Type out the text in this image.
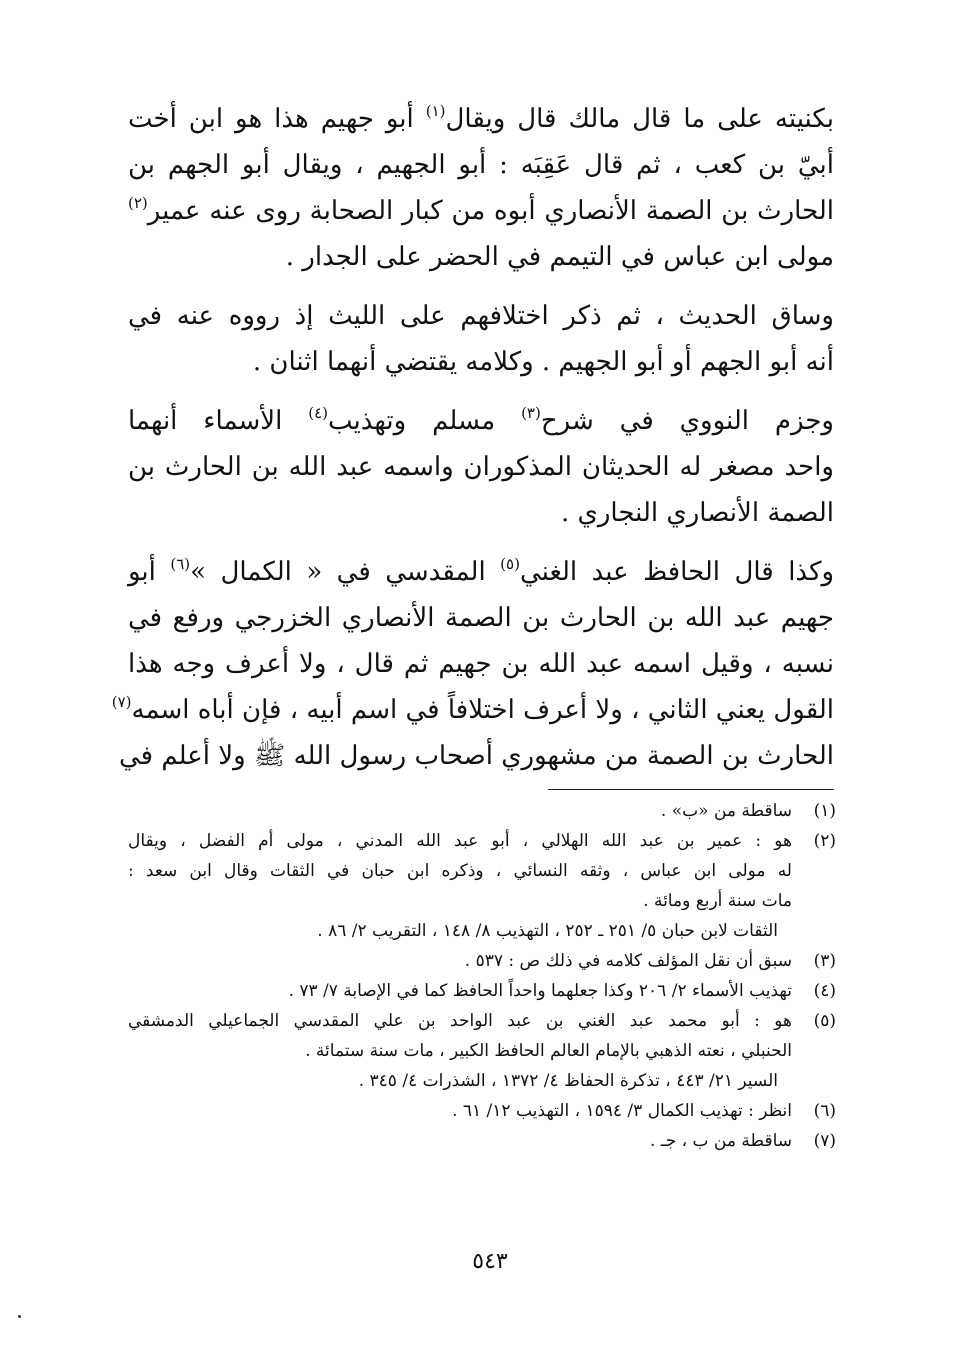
بكنيته على ما قال مالك قال ويقال$^{(١)}$ أبو جهيم هذا هو ابن أخت
أبيّ بن كعب ، ثم قال عَقِبَه : أبو الجهيم ، ويقال أبو الجهم بن
الحارث بن الصمة الأنصاري أبوه من كبار الصحابة روى عنه عمير$^{(٢)}$
مولى ابن عباس في التيمم في الحضر على الجدار .
وساق الحديث ، ثم ذكر اختلافهم على الليث إذ رووه عنه في
أنه أبو الجهم أو أبو الجهيم . وكلامه يقتضي أنهما اثنان .
وجزم النووي في شرح$^{(٣)}$ مسلم وتهذيب$^{(٤)}$ الأسماء أنهما
واحد مصغر له الحديثان المذكوران واسمه عبد الله بن الحارث بن
الصمة الأنصاري النجاري .
وكذا قال الحافظ عبد الغني$^{(٥)}$ المقدسي في « الكمال »$^{(٦)}$ أبو
جهيم عبد الله بن الحارث بن الصمة الأنصاري الخزرجي ورفع في
نسبه ، وقيل اسمه عبد الله بن جهيم ثم قال ، ولا أعرف وجه هذا
القول يعني الثاني ، ولا أعرف اختلافاً في اسم أبيه ، فإن أباه اسمه$^{(٧)}$
الحارث بن الصمة من مشهوري أصحاب رسول الله ﷺ ولا أعلم في
(١)
ساقطة من «ب» .
(٢)
هو : عمير بن عبد الله الهلالي ، أبو عبد الله المدني ، مولى أم الفضل ، ويقال
له مولى ابن عباس ، وثقه النسائي ، وذكره ابن حبان في الثقات وقال ابن سعد :
مات سنة أربع ومائة .
الثقات لابن حبان ٥/ ٢٥١ ـ ٢٥٢ ، التهذيب ٨/ ١٤٨ ، التقريب ٢/ ٨٦ .
(٣)
سبق أن نقل المؤلف كلامه في ذلك ص : ٥٣٧ .
(٤)
تهذيب الأسماء ٢/ ٢٠٦ وكذا جعلهما واحداً الحافظ كما في الإصابة ٧/ ٧٣ .
(٥)
هو : أبو محمد عبد الغني بن عبد الواحد بن علي المقدسي الجماعيلي الدمشقي
الحنبلي ، نعته الذهبي بالإمام العالم الحافظ الكبير ، مات سنة ستمائة .
السير ٢١/ ٤٤٣ ، تذكرة الحفاظ ٤/ ١٣٧٢ ، الشذرات ٤/ ٣٤٥ .
(٦)
انظر : تهذيب الكمال ٣/ ١٥٩٤ ، التهذيب ١٢/ ٦١ .
(٧)
ساقطة من ب ، جـ .
٥٤٣
